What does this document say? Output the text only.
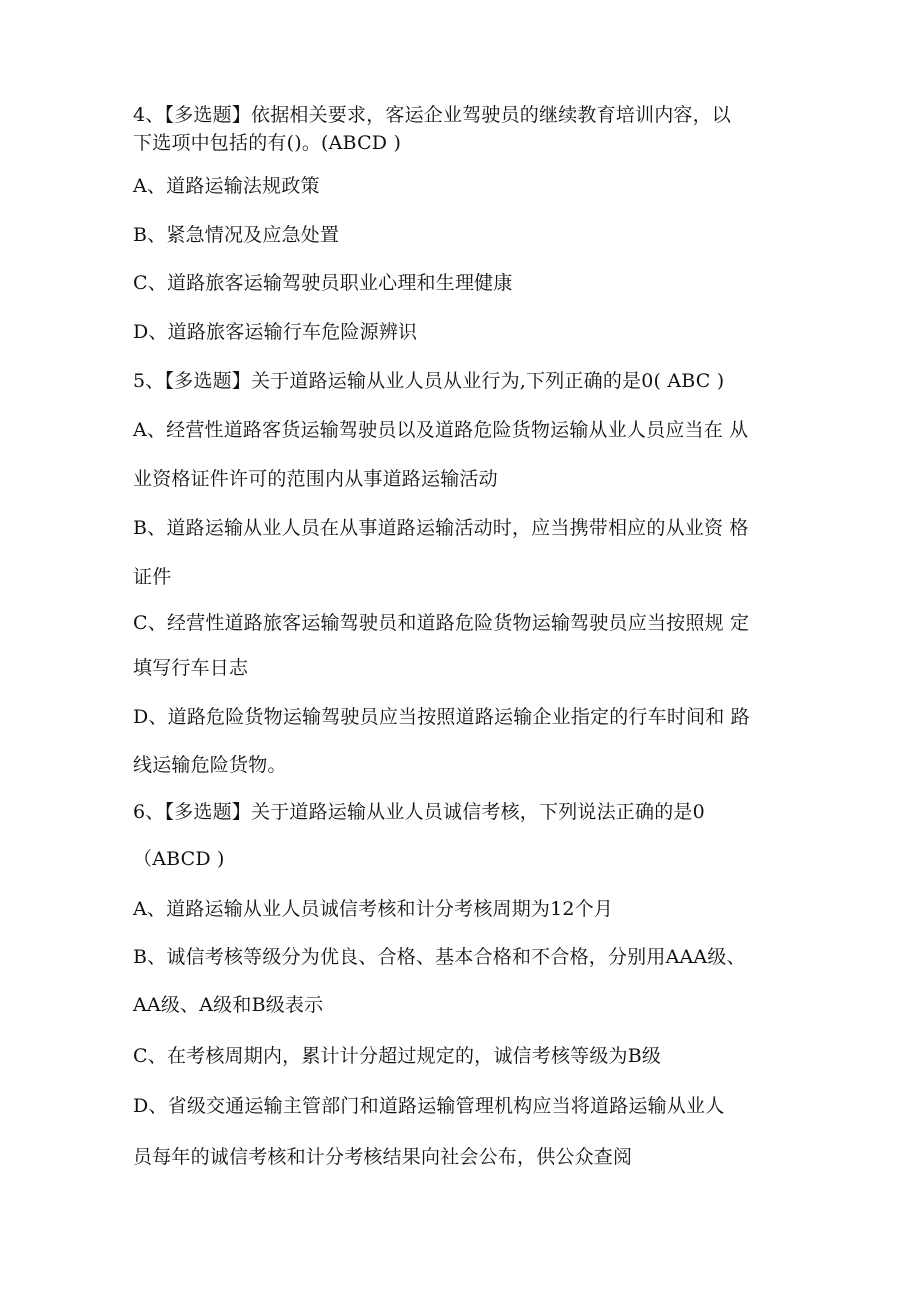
4、【多选题】依据相关要求，客运企业驾驶员的继续教育培训内容，以
下选项中包括的有()。(ABCD )
A、道路运输法规政策
B、紧急情况及应急处置
C、道路旅客运输驾驶员职业心理和生理健康
D、道路旅客运输行车危险源辨识
5、【多选题】关于道路运输从业人员从业行为,下列正确的是0( ABC )
A、经营性道路客货运输驾驶员以及道路危险货物运输从业人员应当在 从
业资格证件许可的范围内从事道路运输活动
B、道路运输从业人员在从事道路运输活动时，应当携带相应的从业资 格
证件
C、经营性道路旅客运输驾驶员和道路危险货物运输驾驶员应当按照规 定
填写行车日志
D、道路危险货物运输驾驶员应当按照道路运输企业指定的行车时间和 路
线运输危险货物。
6、【多选题】关于道路运输从业人员诚信考核，下列说法正确的是0
（ABCD )
A、道路运输从业人员诚信考核和计分考核周期为12个月
B、诚信考核等级分为优良、合格、基本合格和不合格，分别用AAA级、
AA级、A级和B级表示
C、在考核周期内，累计计分超过规定的，诚信考核等级为B级
D、省级交通运输主管部门和道路运输管理机构应当将道路运输从业人
员每年的诚信考核和计分考核结果向社会公布，供公众查阅
